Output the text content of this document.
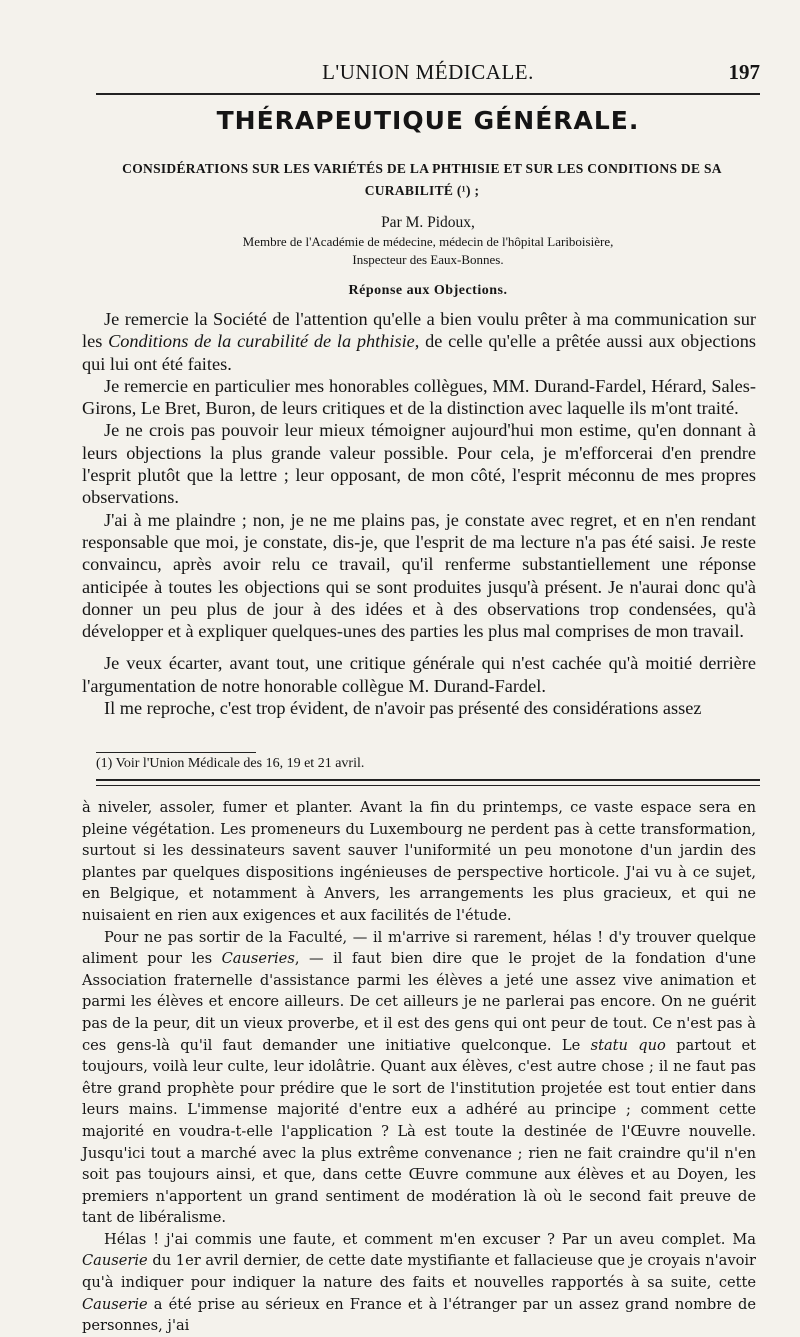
L'UNION MÉDICALE.	197
THÉRAPEUTIQUE GÉNÉRALE.
CONSIDÉRATIONS SUR LES VARIÉTÉS DE LA PHTHISIE ET SUR LES CONDITIONS DE SA
CURABILITÉ (¹) ;
Par M. Pidoux,
Membre de l'Académie de médecine, médecin de l'hôpital Lariboisière,
Inspecteur des Eaux-Bonnes.
Réponse aux Objections.

Je remercie la Société de l'attention qu'elle a bien voulu prêter à ma communication sur les Conditions de la curabilité de la phthisie, de celle qu'elle a prêtée aussi aux objections qui lui ont été faites.

Je remercie en particulier mes honorables collègues, MM. Durand-Fardel, Hérard, Sales-Girons, Le Bret, Buron, de leurs critiques et de la distinction avec laquelle ils m'ont traité.

Je ne crois pas pouvoir leur mieux témoigner aujourd'hui mon estime, qu'en donnant à leurs objections la plus grande valeur possible. Pour cela, je m'efforcerai d'en prendre l'esprit plutôt que la lettre ; leur opposant, de mon côté, l'esprit méconnu de mes propres observations.

J'ai à me plaindre ; non, je ne me plains pas, je constate avec regret, et en n'en rendant responsable que moi, je constate, dis-je, que l'esprit de ma lecture n'a pas été saisi. Je reste convaincu, après avoir relu ce travail, qu'il renferme substantiellement une réponse anticipée à toutes les objections qui se sont produites jusqu'à présent. Je n'aurai donc qu'à donner un peu plus de jour à des idées et à des observations trop condensées, qu'à développer et à expliquer quelques-unes des parties les plus mal comprises de mon travail.

Je veux écarter, avant tout, une critique générale qui n'est cachée qu'à moitié derrière l'argumentation de notre honorable collègue M. Durand-Fardel.

Il me reproche, c'est trop évident, de n'avoir pas présenté des considérations assez

(1) Voir l'Union Médicale des 16, 19 et 21 avril.

à niveler, assoler, fumer et planter. Avant la fin du printemps, ce vaste espace sera en pleine végétation. Les promeneurs du Luxembourg ne perdent pas à cette transformation, surtout si les dessinateurs savent sauver l'uniformité un peu monotone d'un jardin des plantes par quelques dispositions ingénieuses de perspective horticole. J'ai vu à ce sujet, en Belgique, et notamment à Anvers, les arrangements les plus gracieux, et qui ne nuisaient en rien aux exigences et aux facilités de l'étude.

Pour ne pas sortir de la Faculté, — il m'arrive si rarement, hélas ! d'y trouver quelque aliment pour les Causeries, — il faut bien dire que le projet de la fondation d'une Association fraternelle d'assistance parmi les élèves a jeté une assez vive animation et parmi les élèves et encore ailleurs. De cet ailleurs je ne parlerai pas encore. On ne guérit pas de la peur, dit un vieux proverbe, et il est des gens qui ont peur de tout. Ce n'est pas à ces gens-là qu'il faut demander une initiative quelconque. Le statu quo partout et toujours, voilà leur culte, leur idolâtrie. Quant aux élèves, c'est autre chose ; il ne faut pas être grand prophète pour prédire que le sort de l'institution projetée est tout entier dans leurs mains. L'immense majorité d'entre eux a adhéré au principe ; comment cette majorité en voudra-t-elle l'application ? Là est toute la destinée de l'Œuvre nouvelle. Jusqu'ici tout a marché avec la plus extrême convenance ; rien ne fait craindre qu'il n'en soit pas toujours ainsi, et que, dans cette Œuvre commune aux élèves et au Doyen, les premiers n'apportent un grand sentiment de modération là où le second fait preuve de tant de libéralisme.

Hélas ! j'ai commis une faute, et comment m'en excuser ? Par un aveu complet. Ma Causerie du 1er avril dernier, de cette date mystifiante et fallacieuse que je croyais n'avoir qu'à indiquer pour indiquer la nature des faits et nouvelles rapportés à sa suite, cette Causerie a été prise au sérieux en France et à l'étranger par un assez grand nombre de personnes, j'ai
